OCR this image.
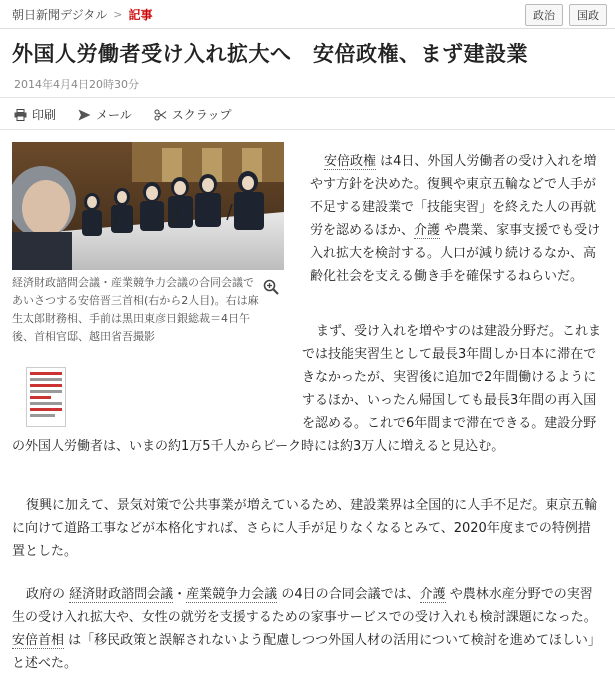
朝日新聞デジタル > 記事	政治	国政
外国人労働者受け入れ拡大へ　安倍政権、まず建設業
2014年4月4日20時30分
印刷	メール	スクラップ
経済財政諮問会議・産業競争力会議の合同会議であいさつする安倍晋三首相(右から2人目)。右は麻生太郎財務相、手前は黒田東彦日銀総裁＝4日午後、首相官邸、越田省吾撮影
安倍政権 は4日、外国人労働者の受け入れを増やす方針を決めた。復興や東京五輪などで人手が不足する建設業で「技能実習」を終えた人の再就労を認めるほか、介護 や農業、家事支援でも受け入れ拡大を検討する。人口が減り続けるなか、高齢化社会を支える働き手を確保するねらいだ。
まず、受け入れを増やすのは建設分野だ。これまでは技能実習生として最長3年間しか日本に滞在できなかったが、実習後に追加で2年間働けるようにするほか、いったん帰国しても最長3年間の再入国を認める。これで6年間まで滞在できる。建設分野の外国人労働者は、いまの約1万5千人からピーク時には約3万人に増えると見込む。
復興に加えて、景気対策で公共事業が増えているため、建設業界は全国的に人手不足だ。東京五輪に向けて道路工事などが本格化すれば、さらに人手が足りなくなるとみて、2020年度までの特例措置とした。
政府の 経済財政諮問会議・産業競争力会議 の4日の合同会議では、介護 や農林水産分野での実習生の受け入れ拡大や、女性の就労を支援するための家事サービスでの受け入れも検討課題になった。安倍首相 は「移民政策と誤解されないよう配慮しつつ外国人材の活用について検討を進めてほしい」と述べた。
